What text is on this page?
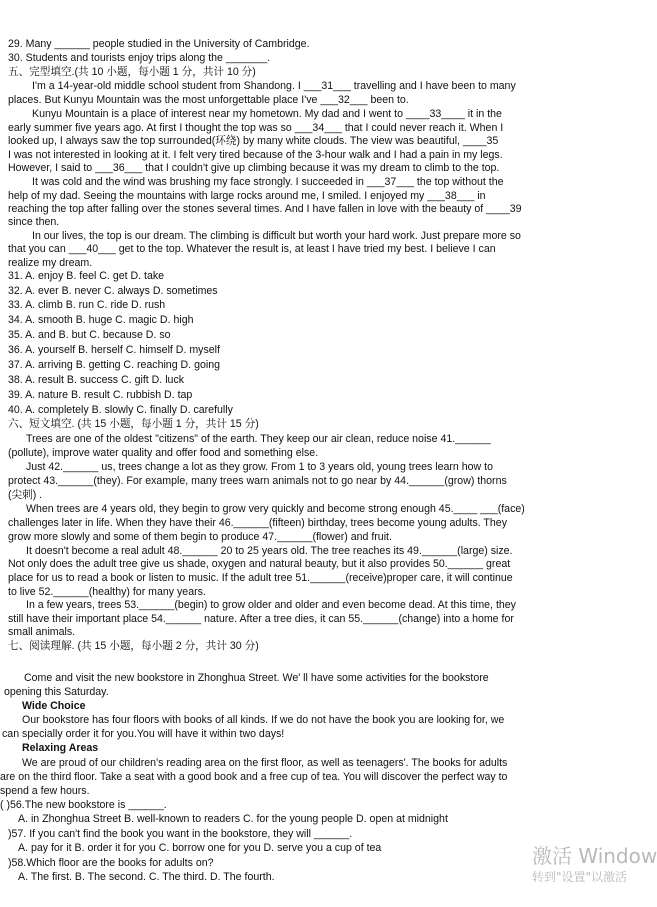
29. Many ______ people studied in the University of Cambridge.
30. Students and tourists enjoy trips along the _______.
五、完型填空.(共 10 小题，每小题 1 分，共计 10 分)
I'm a 14-year-old middle school student from Shandong. I ___31___ travelling and I have been to many
places. But Kunyu Mountain was the most unforgettable place I've ___32___ been to.
Kunyu Mountain is a place of interest near my hometown. My dad and I went to ____33____ it in the
early summer five years ago. At first I thought the top was so ___34___ that I could never reach it. When I
looked up, I always saw the top surrounded(环绕) by many white clouds. The view was beautiful, ____35
I was not interested in looking at it. I felt very tired because of the 3-hour walk and I had a pain in my legs.
However, I said to ___36___ that I couldn't give up climbing because it was my dream to climb to the top.
It was cold and the wind was brushing my face strongly. I succeeded in ___37___ the top without the
help of my dad. Seeing the mountains with large rocks around me, I smiled. I enjoyed my ___38___ in
reaching the top after falling over the stones several times. And I have fallen in love with the beauty of ____39
since then.
In our lives, the top is our dream. The climbing is difficult but worth your hard work. Just prepare more so
that you can ___40___ get to the top. Whatever the result is, at least I have tried my best. I believe I can
realize my dream.
31. A. enjoy B. feel C. get D. take
32. A. ever B. never C. always D. sometimes
33. A. climb B. run C. ride D. rush
34. A. smooth B. huge C. magic D. high
35. A. and B. but C. because D. so
36. A. yourself B. herself C. himself D. myself
37. A. arriving B. getting C. reaching D. going
38. A. result B. success C. gift D. luck
39. A. nature B. result C. rubbish D. tap
40. A. completely B. slowly C. finally D. carefully
六、短文填空. (共 15 小题，每小题 1 分，共计 15 分)
Trees are one of the oldest "citizens" of the earth. They keep our air clean, reduce noise 41.______
(pollute), improve water quality and offer food and something else.
Just 42.______ us, trees change a lot as they grow. From 1 to 3 years old, young trees learn how to
protect 43.______(they). For example, many trees warn animals not to go near by 44.______(grow) thorns
(尖刺) .
When trees are 4 years old, they begin to grow very quickly and become strong enough 45.____ ___(face)
challenges later in life. When they have their 46.______(fifteen) birthday, trees become young adults. They
grow more slowly and some of them begin to produce 47.______(flower) and fruit.
It doesn't become a real adult 48.______ 20 to 25 years old. The tree reaches its 49.______(large) size.
Not only does the adult tree give us shade, oxygen and natural beauty, but it also provides 50.______ great
place for us to read a book or listen to music. If the adult tree 51.______(receive)proper care, it will continue
to live 52.______(healthy) for many years.
In a few years, trees 53.______(begin) to grow older and older and even become dead. At this time, they
still have their important place 54.______ nature. After a tree dies, it can 55.______(change) into a home for
small animals.
七、阅读理解. (共 15 小题，每小题 2 分，共计 30 分)
Come and visit the new bookstore in Zhonghua Street. We' ll have some activities for the bookstore
opening this Saturday.
Wide Choice
Our bookstore has four floors with books of all kinds. If we do not have the book you are looking for, we
can specially order it for you.You will have it within two days!
Relaxing Areas
We are proud of our children's reading area on the first floor, as well as teenagers'. The books for adults
are on the third floor. Take a seat with a good book and a free cup of tea. You will discover the perfect way to
spend a few hours.
( )56.The new bookstore is ______.
A. in Zhonghua Street B. well-known to readers C. for the young people D. open at midnight
)57. If you can't find the book you want in the bookstore, they will ______.
A. pay for it B. order it for you C. borrow one for you D. serve you a cup of tea
)58.Which floor are the books for adults on?
A. The first. B. The second. C. The third. D. The fourth.
激活 Window
转到"设置"以激活
